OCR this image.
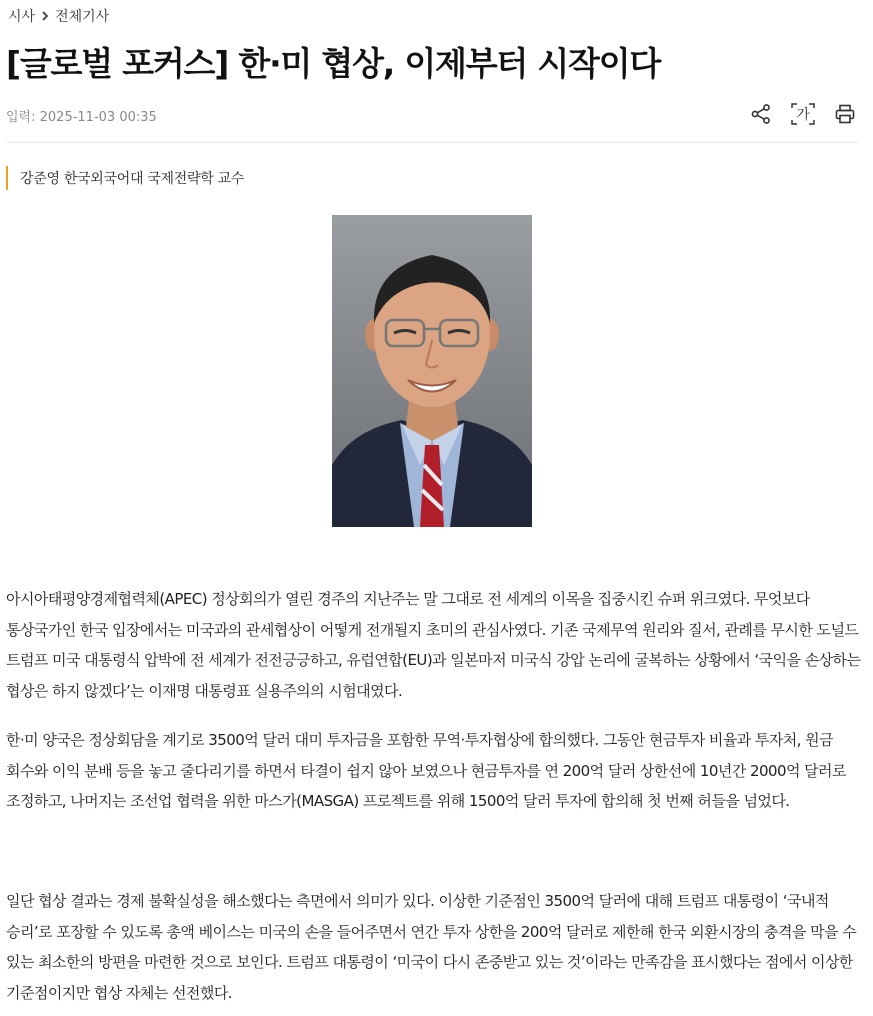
시사 전체기사
[글로벌 포커스] 한·미 협상, 이제부터 시작이다
입력: 2025-11-03 00:35	가
강준영 한국외국어대 국제전략학 교수

아시아태평양경제협력체(APEC) 정상회의가 열린 경주의 지난주는 말 그대로 전 세계의 이목을 집중시킨 슈퍼 위크였다. 무엇보다 통상국가인 한국 입장에서는 미국과의 관세협상이 어떻게 전개될지 초미의 관심사였다. 기존 국제무역 원리와 질서, 관례를 무시한 도널드 트럼프 미국 대통령식 압박에 전 세계가 전전긍긍하고, 유럽연합(EU)과 일본마저 미국식 강압 논리에 굴복하는 상황에서 ‘국익을 손상하는 협상은 하지 않겠다’는 이재명 대통령표 실용주의의 시험대였다.

한·미 양국은 정상회담을 계기로 3500억 달러 대미 투자금을 포함한 무역·투자협상에 합의했다. 그동안 현금투자 비율과 투자처, 원금 회수와 이익 분배 등을 놓고 줄다리기를 하면서 타결이 쉽지 않아 보였으나 현금투자를 연 200억 달러 상한선에 10년간 2000억 달러로 조정하고, 나머지는 조선업 협력을 위한 마스가(MASGA) 프로젝트를 위해 1500억 달러 투자에 합의해 첫 번째 허들을 넘었다.

일단 협상 결과는 경제 불확실성을 해소했다는 측면에서 의미가 있다. 이상한 기준점인 3500억 달러에 대해 트럼프 대통령이 ‘국내적 승리’로 포장할 수 있도록 총액 베이스는 미국의 손을 들어주면서 연간 투자 상한을 200억 달러로 제한해 한국 외환시장의 충격을 막을 수 있는 최소한의 방편을 마련한 것으로 보인다. 트럼프 대통령이 ‘미국이 다시 존중받고 있는 것’이라는 만족감을 표시했다는 점에서 이상한 기준점이지만 협상 자체는 선전했다.
